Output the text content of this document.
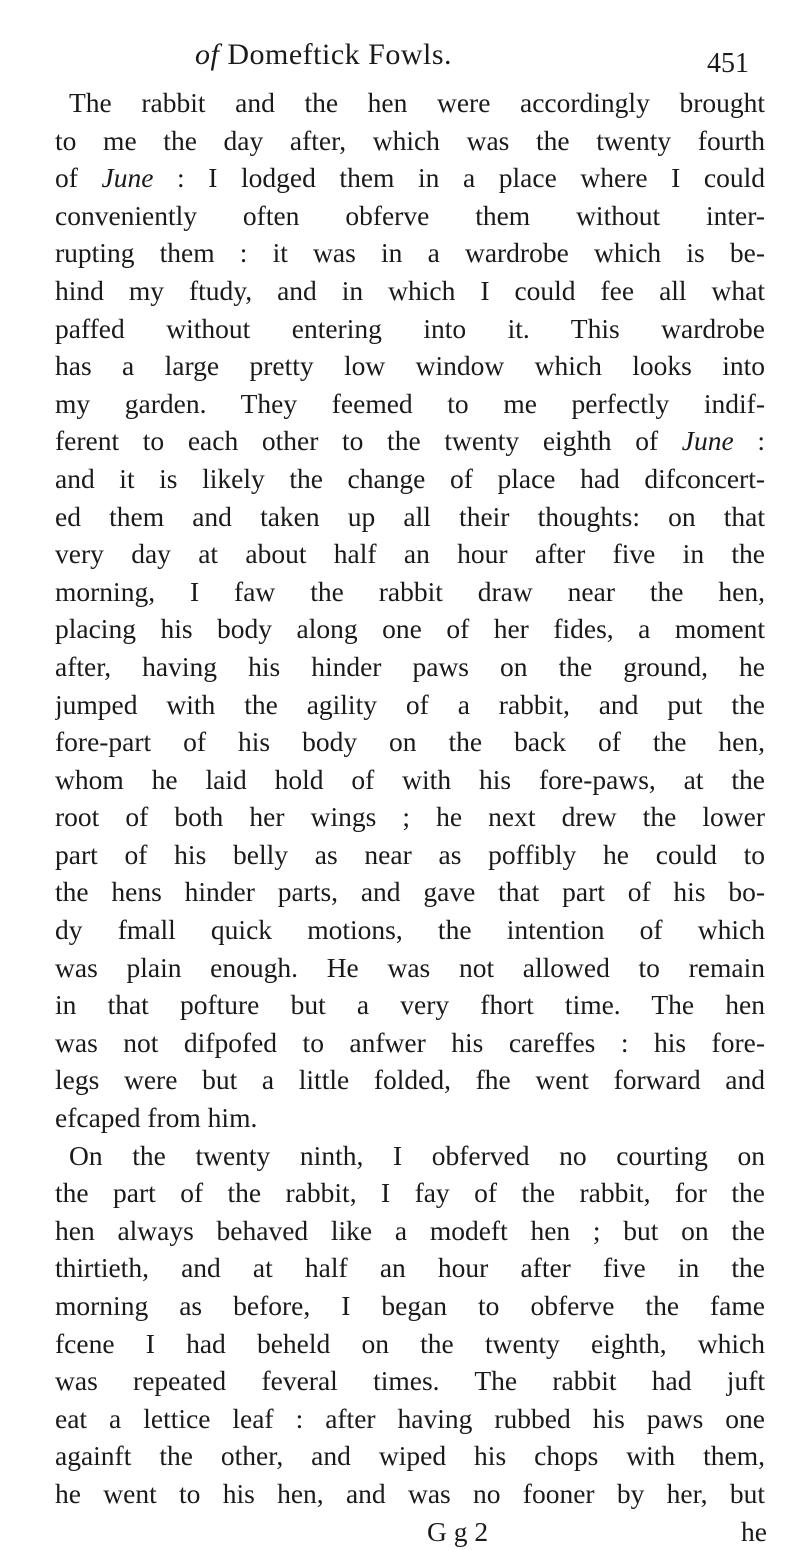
of Domeftick Fowls.	451
The rabbit and the hen were accordingly brought
to me the day after, which was the twenty fourth
of June : I lodged them in a place where I could
conveniently often obferve them without inter-
rupting them : it was in a wardrobe which is be-
hind my ftudy, and in which I could fee all what
paffed without entering into it. This wardrobe
has a large pretty low window which looks into
my garden. They feemed to me perfectly indif-
ferent to each other to the twenty eighth of June :
and it is likely the change of place had difconcert-
ed them and taken up all their thoughts: on that
very day at about half an hour after five in the
morning, I faw the rabbit draw near the hen,
placing his body along one of her fides, a moment
after, having his hinder paws on the ground, he
jumped with the agility of a rabbit, and put the
fore-part of his body on the back of the hen,
whom he laid hold of with his fore-paws, at the
root of both her wings ; he next drew the lower
part of his belly as near as poffibly he could to
the hens hinder parts, and gave that part of his bo-
dy fmall quick motions, the intention of which
was plain enough. He was not allowed to remain
in that pofture but a very fhort time. The hen
was not difpofed to anfwer his careffes : his fore-
legs were but a little folded, fhe went forward and
efcaped from him.
On the twenty ninth, I obferved no courting on
the part of the rabbit, I fay of the rabbit, for the
hen always behaved like a modeft hen ; but on the
thirtieth, and at half an hour after five in the
morning as before, I began to obferve the fame
fcene I had beheld on the twenty eighth, which
was repeated feveral times. The rabbit had juft
eat a lettice leaf : after having rubbed his paws one
againft the other, and wiped his chops with them,
he went to his hen, and was no fooner by her, but
G g 2	he
